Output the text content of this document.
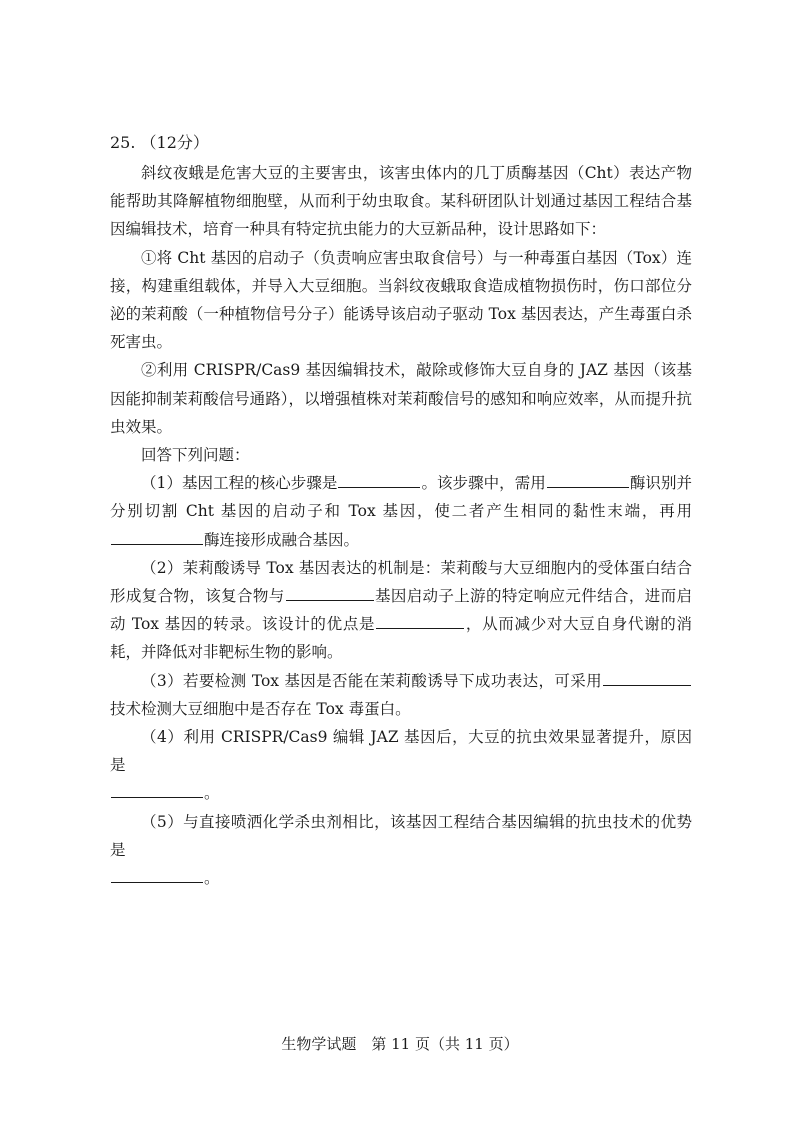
25. （12分）

斜纹夜蛾是危害大豆的主要害虫，该害虫体内的几丁质酶基因（Cht）表达产物能帮助其降解植物细胞壁，从而利于幼虫取食。某科研团队计划通过基因工程结合基因编辑技术，培育一种具有特定抗虫能力的大豆新品种，设计思路如下：

①将 Cht 基因的启动子（负责响应害虫取食信号）与一种毒蛋白基因（Tox）连接，构建重组载体，并导入大豆细胞。当斜纹夜蛾取食造成植物损伤时，伤口部位分泌的茉莉酸（一种植物信号分子）能诱导该启动子驱动 Tox 基因表达，产生毒蛋白杀死害虫。

②利用 CRISPR/Cas9 基因编辑技术，敲除或修饰大豆自身的 JAZ 基因（该基因能抑制茉莉酸信号通路），以增强植株对茉莉酸信号的感知和响应效率，从而提升抗虫效果。

回答下列问题：

（1）基因工程的核心步骤是	。该步骤中，需用	酶识别并分别切割 Cht 基因的启动子和 Tox 基因，使二者产生相同的黏性末端，再用酶连接形成融合基因。

（2）茉莉酸诱导 Tox 基因表达的机制是：茉莉酸与大豆细胞内的受体蛋白结合形成复合物，该复合物与	基因启动子上游的特定响应元件结合，进而启动 Tox 基因的转录。该设计的优点是	，从而减少对大豆自身代谢的消耗，并降低对非靶标生物的影响。

（3）若要检测 Tox 基因是否能在茉莉酸诱导下成功表达，可采用技术检测大豆细胞中是否存在 Tox 毒蛋白。

（4）利用 CRISPR/Cas9 编辑 JAZ 基因后，大豆的抗虫效果显著提升，原因是

。

（5）与直接喷洒化学杀虫剂相比，该基因工程结合基因编辑的抗虫技术的优势是

。

生物学试题　第 11 页（共 11 页）
